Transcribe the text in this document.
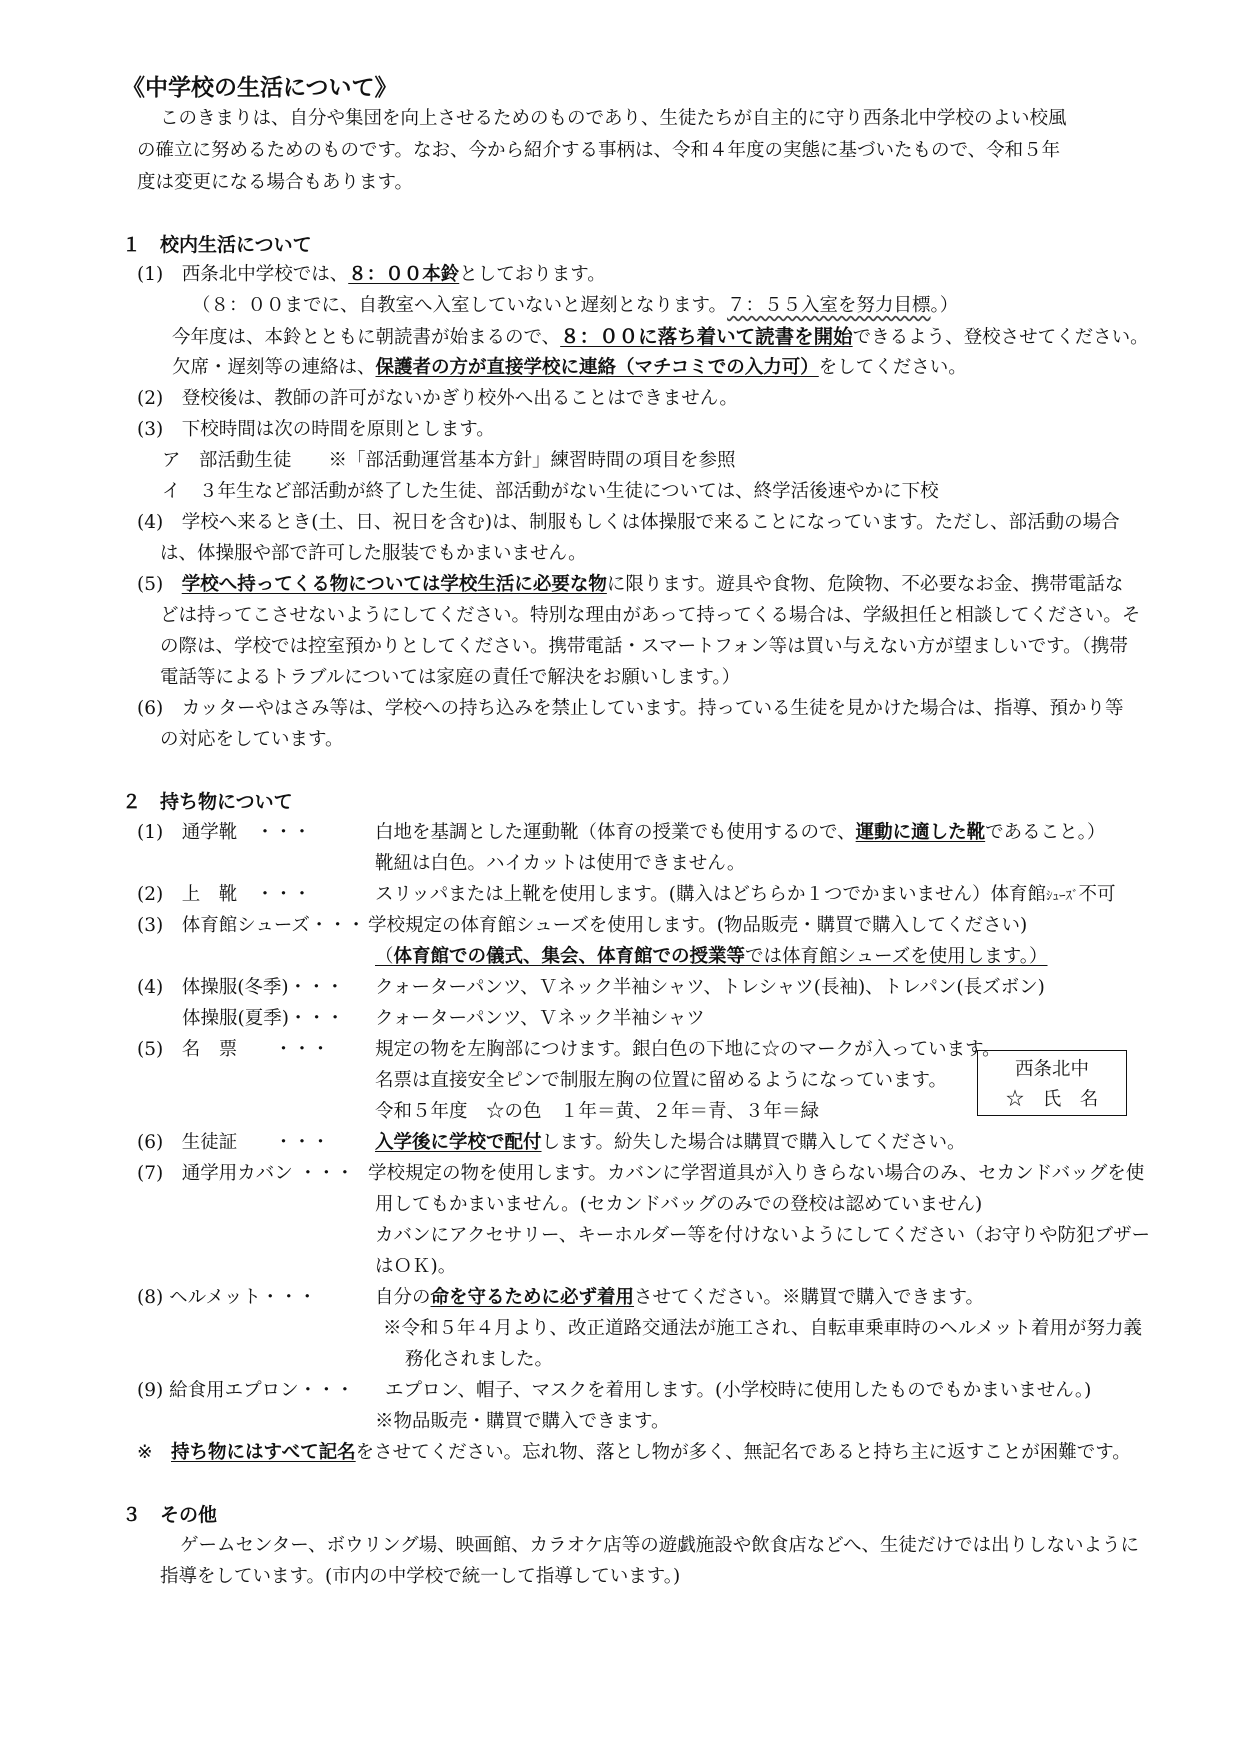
《中学校の生活について》
このきまりは、自分や集団を向上させるためのものであり、生徒たちが自主的に守り西条北中学校のよい校風
の確立に努めるためのものです。なお、今から紹介する事柄は、令和４年度の実態に基づいたもので、令和５年
度は変更になる場合もあります。
１　校内生活について
(1)　西条北中学校では、８：００本鈴としております。
（８：００までに、自教室へ入室していないと遅刻となります。７：５５入室を努力目標。）
今年度は、本鈴とともに朝読書が始まるので、８：００に落ち着いて読書を開始できるよう、登校させてください。
欠席・遅刻等の連絡は、保護者の方が直接学校に連絡（マチコミでの入力可）をしてください。
(2)　登校後は、教師の許可がないかぎり校外へ出ることはできません。
(3)　下校時間は次の時間を原則とします。
ア　部活動生徒　　※「部活動運営基本方針」練習時間の項目を参照
イ　３年生など部活動が終了した生徒、部活動がない生徒については、終学活後速やかに下校
(4)　学校へ来るとき(土、日、祝日を含む)は、制服もしくは体操服で来ることになっています。ただし、部活動の場合
は、体操服や部で許可した服装でもかまいません。
(5)　学校へ持ってくる物については学校生活に必要な物に限ります。遊具や食物、危険物、不必要なお金、携帯電話な
どは持ってこさせないようにしてください。特別な理由があって持ってくる場合は、学級担任と相談してください。そ
の際は、学校では控室預かりとしてください。携帯電話・スマートフォン等は買い与えない方が望ましいです。（携帯
電話等によるトラブルについては家庭の責任で解決をお願いします。）
(6)　カッターやはさみ等は、学校への持ち込みを禁止しています。持っている生徒を見かけた場合は、指導、預かり等
の対応をしています。
２　持ち物について
(1)　通学靴　・・・	白地を基調とした運動靴（体育の授業でも使用するので、運動に適した靴であること。）
靴紐は白色。ハイカットは使用できません。
(2)　上　靴　・・・	スリッパまたは上靴を使用します。(購入はどちらか１つでかまいません）体育館ｼｭｰｽﾞ不可
(3)　体育館シューズ・・・ 学校規定の体育館シューズを使用します。(物品販売・購買で購入してください)
（体育館での儀式、集会、体育館での授業等では体育館シューズを使用します。）
(4)　体操服(冬季)・・・ クォーターパンツ、Ｖネック半袖シャツ、トレシャツ(長袖)、トレパン(長ズボン)
体操服(夏季)・・・ クォーターパンツ、Ｖネック半袖シャツ
(5)　名　票　　・・・ 規定の物を左胸部につけます。銀白色の下地に☆のマークが入っています。
名票は直接安全ピンで制服左胸の位置に留めるようになっています。
令和５年度　☆の色　１年＝黄、２年＝青、３年＝緑
西条北中
☆　氏　名
(6)　生徒証　　・・・ 入学後に学校で配付します。紛失した場合は購買で購入してください。
(7)　通学用カバン ・・・ 学校規定の物を使用します。カバンに学習道具が入りきらない場合のみ、セカンドバッグを使
用してもかまいません。(セカンドバッグのみでの登校は認めていません)
カバンにアクセサリー、キーホルダー等を付けないようにしてください（お守りや防犯ブザー
はＯＫ)。
(8) ヘルメット・・・	自分の命を守るために必ず着用させてください。※購買で購入できます。
※令和５年４月より、改正道路交通法が施工され、自転車乗車時のヘルメット着用が努力義
務化されました。
(9) 給食用エプロン・・・ エプロン、帽子、マスクを着用します。(小学校時に使用したものでもかまいません。)
※物品販売・購買で購入できます。
※　持ち物にはすべて記名をさせてください。忘れ物、落とし物が多く、無記名であると持ち主に返すことが困難です。
３　その他
ゲームセンター、ボウリング場、映画館、カラオケ店等の遊戯施設や飲食店などへ、生徒だけでは出りしないように
指導をしています。(市内の中学校で統一して指導しています。)
